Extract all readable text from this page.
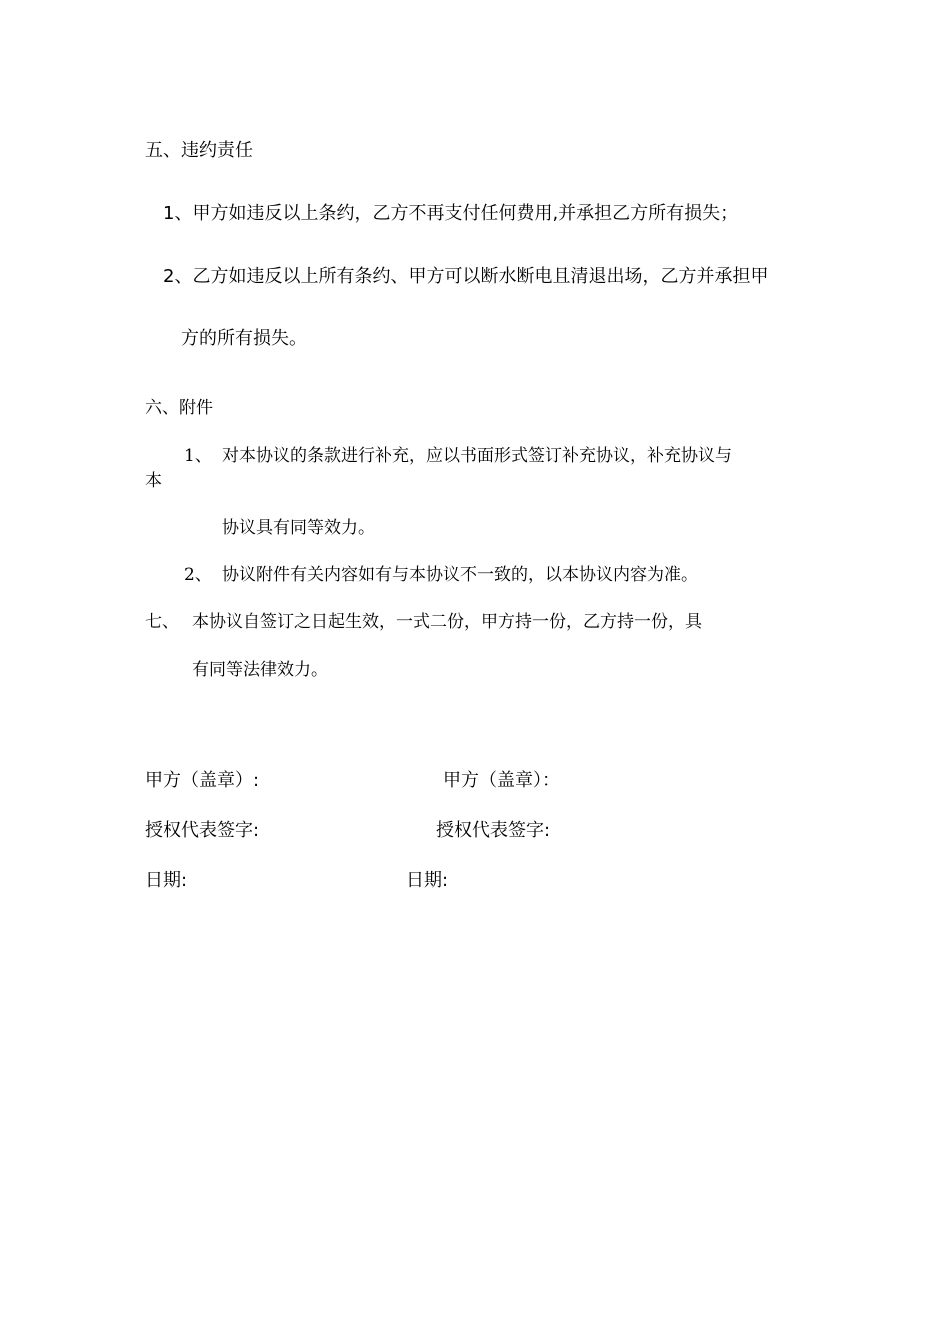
五、违约责任
1、甲方如违反以上条约，乙方不再支付任何费用,并承担乙方所有损失；
2、乙方如违反以上所有条约、甲方可以断水断电且清退出场，乙方并承担甲
方的所有损失。
六、附件
1、 对本协议的条款进行补充，应以书面形式签订补充协议，补充协议与
本
协议具有同等效力。
2、 协议附件有关内容如有与本协议不一致的，以本协议内容为准。
七、 本协议自签订之日起生效，一式二份，甲方持一份，乙方持一份，具
有同等法律效力。
甲方（盖章）:	甲方（盖章）：
授权代表签字:	授权代表签字:
日期:	日期:
